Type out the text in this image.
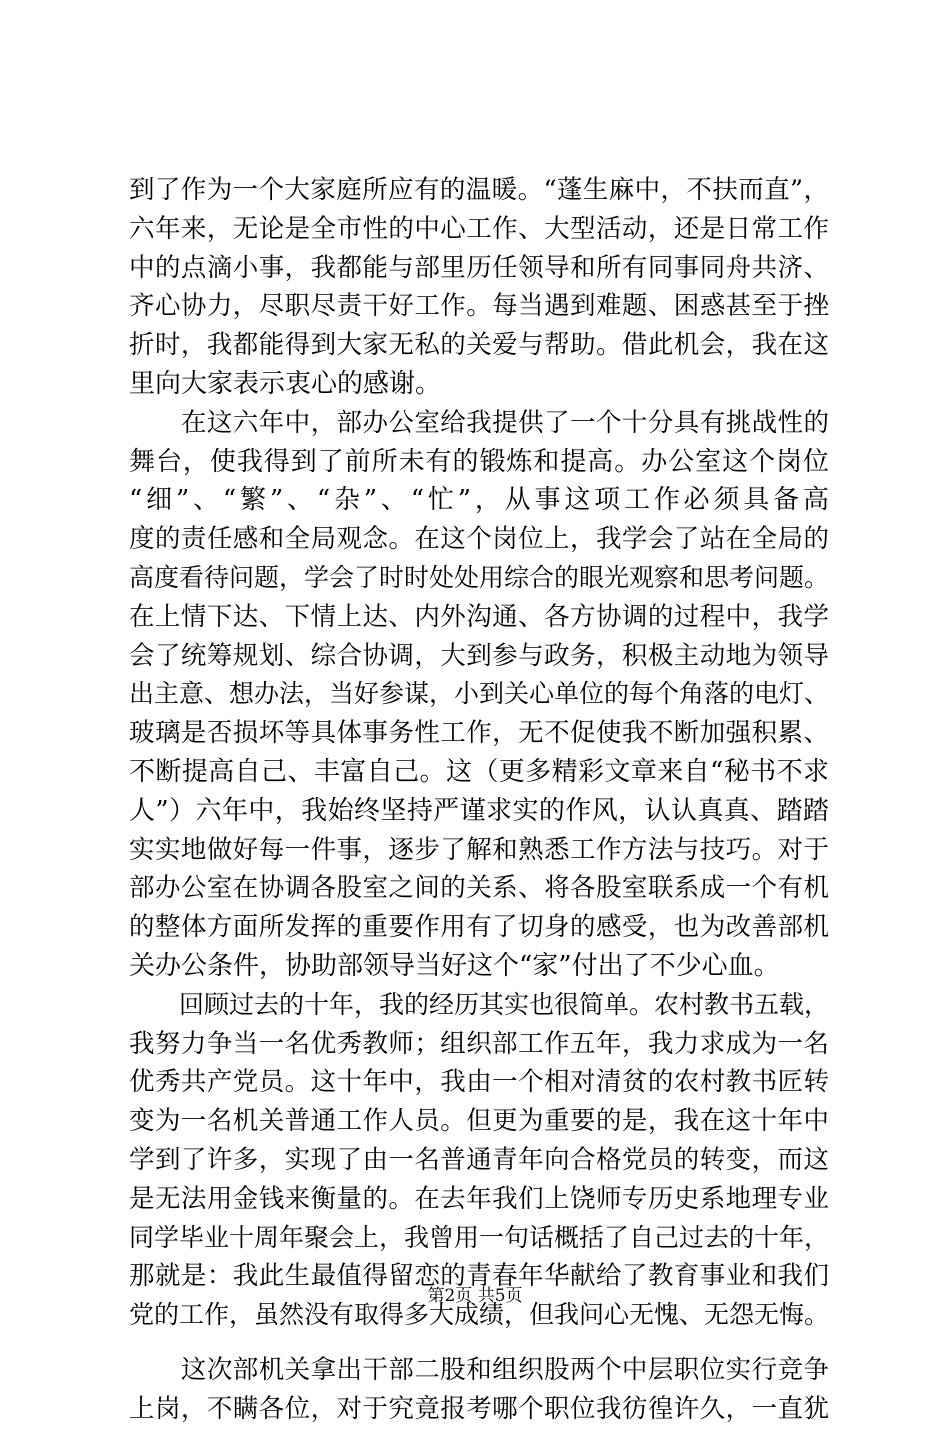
到了作为一个大家庭所应有的温暖。“蓬生麻中，不扶而直”，
六年来，无论是全市性的中心工作、大型活动，还是日常工作
中的点滴小事，我都能与部里历任领导和所有同事同舟共济、
齐心协力，尽职尽责干好工作。每当遇到难题、困惑甚至于挫
折时，我都能得到大家无私的关爱与帮助。借此机会，我在这
里向大家表示衷心的感谢。
　　在这六年中，部办公室给我提供了一个十分具有挑战性的
舞台，使我得到了前所未有的锻炼和提高。办公室这个岗位
“细”、“繁”、“杂”、“忙”，从事这项工作必须具备高
度的责任感和全局观念。在这个岗位上，我学会了站在全局的
高度看待问题，学会了时时处处用综合的眼光观察和思考问题。
在上情下达、下情上达、内外沟通、各方协调的过程中，我学
会了统筹规划、综合协调，大到参与政务，积极主动地为领导
出主意、想办法，当好参谋，小到关心单位的每个角落的电灯、
玻璃是否损坏等具体事务性工作，无不促使我不断加强积累、
不断提高自己、丰富自己。这（更多精彩文章来自“秘书不求
人”）六年中，我始终坚持严谨求实的作风，认认真真、踏踏
实实地做好每一件事，逐步了解和熟悉工作方法与技巧。对于
部办公室在协调各股室之间的关系、将各股室联系成一个有机
的整体方面所发挥的重要作用有了切身的感受，也为改善部机
关办公条件，协助部领导当好这个“家”付出了不少心血。
　　回顾过去的十年，我的经历其实也很简单。农村教书五载，
我努力争当一名优秀教师；组织部工作五年，我力求成为一名
优秀共产党员。这十年中，我由一个相对清贫的农村教书匠转
变为一名机关普通工作人员。但更为重要的是，我在这十年中
学到了许多，实现了由一名普通青年向合格党员的转变，而这
是无法用金钱来衡量的。在去年我们上饶师专历史系地理专业
同学毕业十周年聚会上，我曾用一句话概括了自己过去的十年，
那就是：我此生最值得留恋的青春年华献给了教育事业和我们
党的工作，虽然没有取得多大成绩，但我问心无愧、无怨无悔。
　　这次部机关拿出干部二股和组织股两个中层职位实行竞争
上岗，不瞒各位，对于究竟报考哪个职位我彷徨许久，一直犹
第2页 共5页
